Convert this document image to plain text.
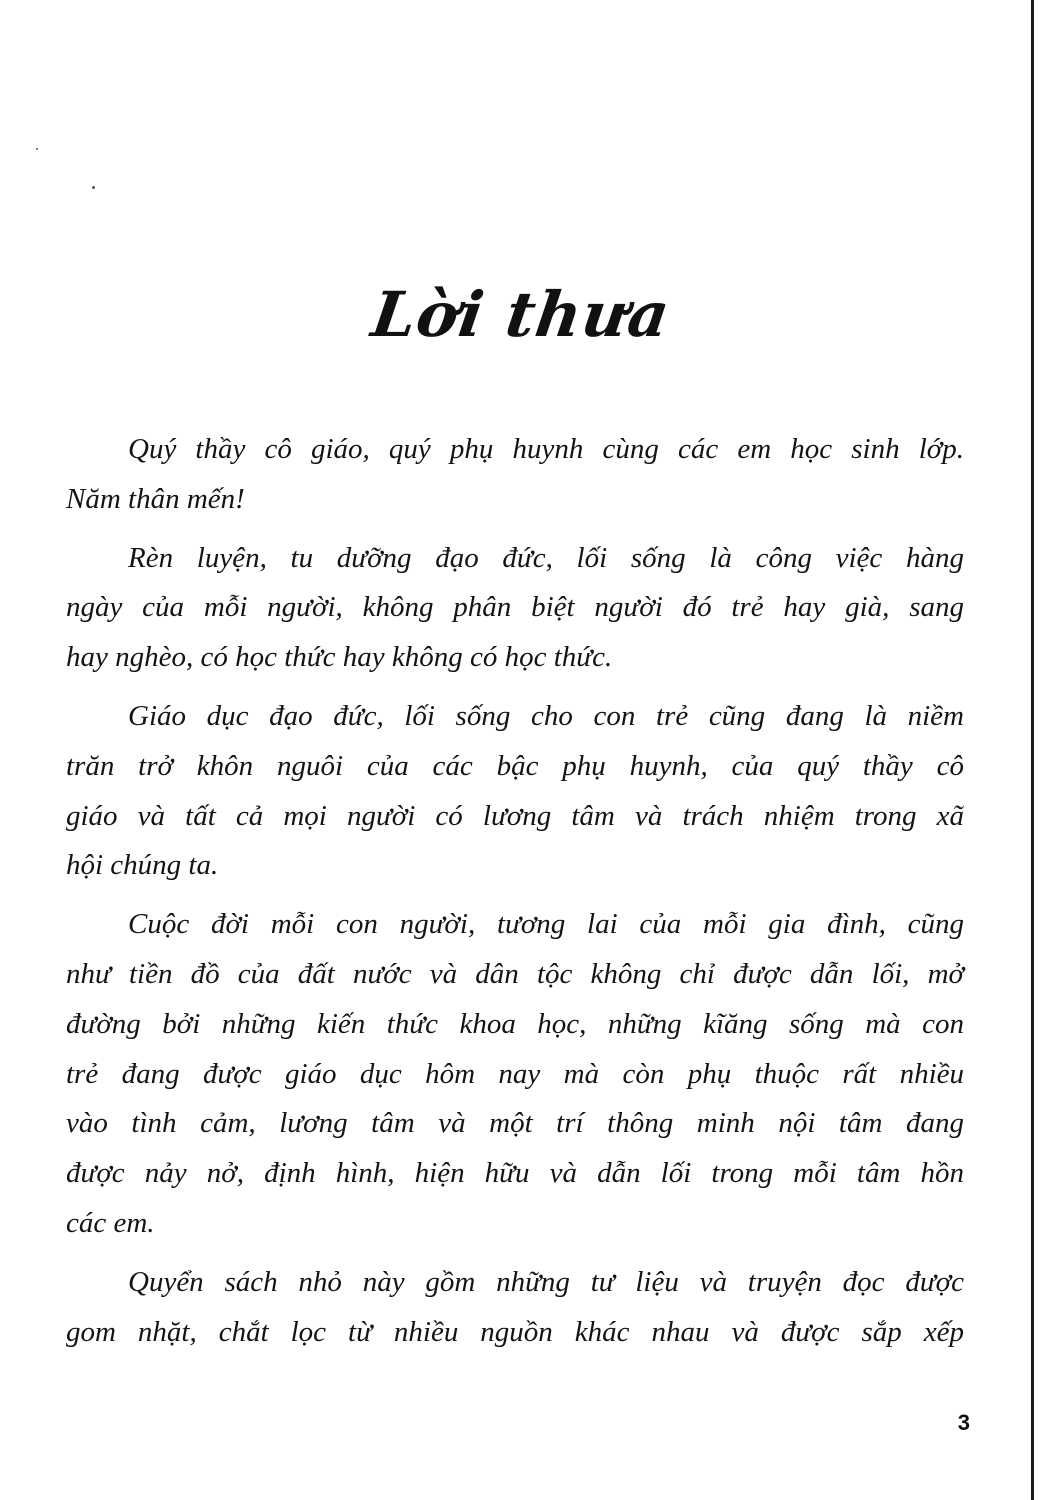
Lời thưa

Quý thầy cô giáo, quý phụ huynh cùng các em học sinh lớp.
Năm thân mến!

Rèn luyện, tu dưỡng đạo đức, lối sống là công việc hàng
ngày của mỗi người, không phân biệt người đó trẻ hay già, sang
hay nghèo, có học thức hay không có học thức.

Giáo dục đạo đức, lối sống cho con trẻ cũng đang là niềm
trăn trở khôn nguôi của các bậc phụ huynh, của quý thầy cô
giáo và tất cả mọi người có lương tâm và trách nhiệm trong xã
hội chúng ta.

Cuộc đời mỗi con người, tương lai của mỗi gia đình, cũng
như tiền đồ của đất nước và dân tộc không chỉ được dẫn lối, mở
đường bởi những kiến thức khoa học, những kĩăng sống mà con
trẻ đang được giáo dục hôm nay mà còn phụ thuộc rất nhiều
vào tình cảm, lương tâm và một trí thông minh nội tâm đang
được nảy nở, định hình, hiện hữu và dẫn lối trong mỗi tâm hồn
các em.

Quyển sách nhỏ này gồm những tư liệu và truyện đọc được
gom nhặt, chắt lọc từ nhiều nguồn khác nhau và được sắp xếp

3
